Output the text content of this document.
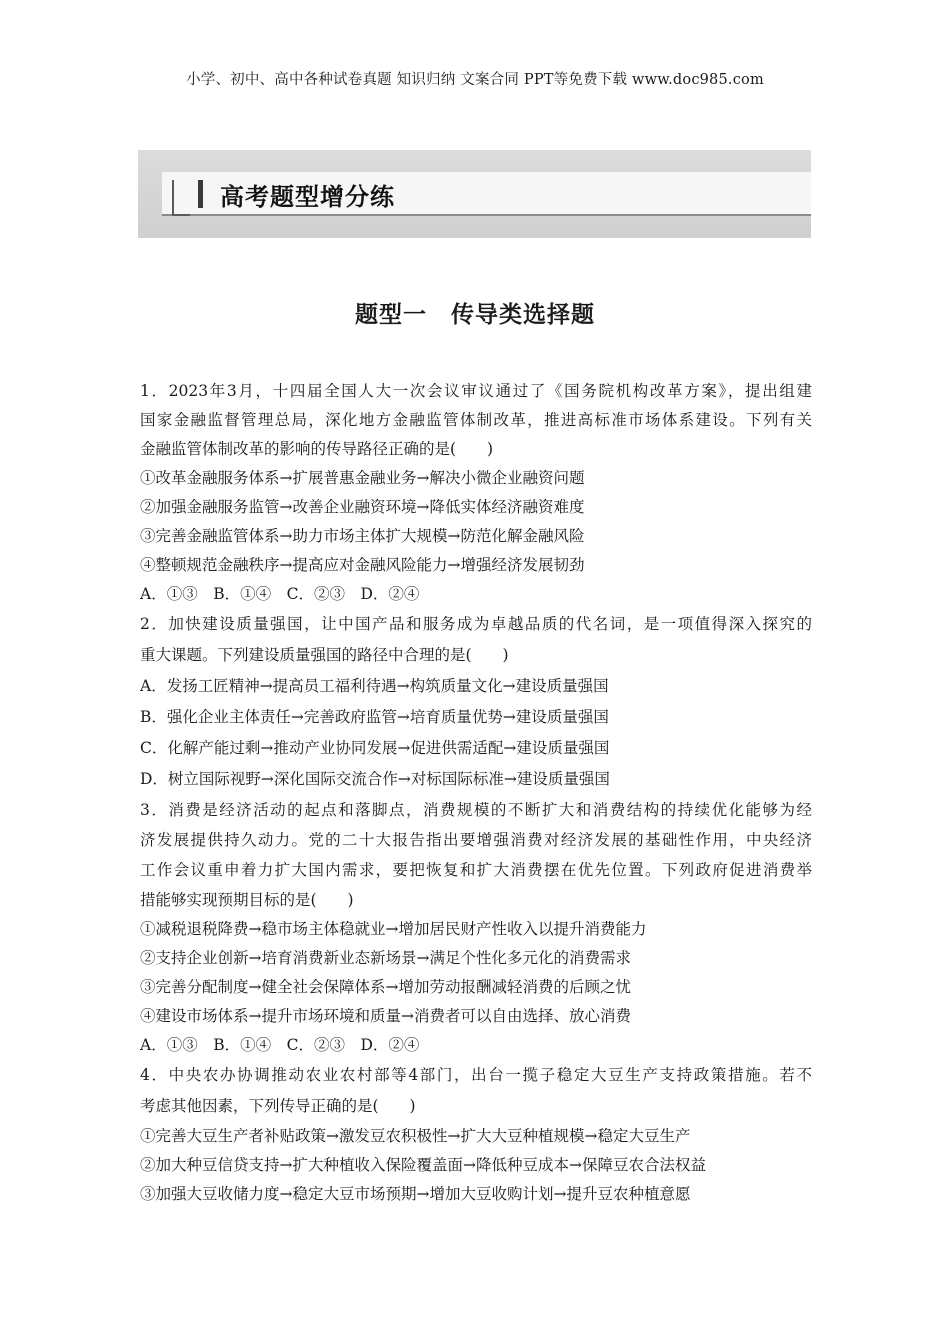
小学、初中、高中各种试卷真题 知识归纳 文案合同 PPT等免费下载 www.doc985.com
高考题型增分练
题型一　传导类选择题
1．2023年3月，十四届全国人大一次会议审议通过了《国务院机构改革方案》，提出组建
国家金融监督管理总局，深化地方金融监管体制改革，推进高标准市场体系建设。下列有关
金融监管体制改革的影响的传导路径正确的是(　　)
①改革金融服务体系→扩展普惠金融业务→解决小微企业融资问题
②加强金融服务监管→改善企业融资环境→降低实体经济融资难度
③完善金融监管体系→助力市场主体扩大规模→防范化解金融风险
④整顿规范金融秩序→提高应对金融风险能力→增强经济发展韧劲
A．①③　B．①④　C．②③　D．②④
2．加快建设质量强国，让中国产品和服务成为卓越品质的代名词，是一项值得深入探究的
重大课题。下列建设质量强国的路径中合理的是(　　)
A．发扬工匠精神→提高员工福利待遇→构筑质量文化→建设质量强国
B．强化企业主体责任→完善政府监管→培育质量优势→建设质量强国
C．化解产能过剩→推动产业协同发展→促进供需适配→建设质量强国
D．树立国际视野→深化国际交流合作→对标国际标准→建设质量强国
3．消费是经济活动的起点和落脚点，消费规模的不断扩大和消费结构的持续优化能够为经
济发展提供持久动力。党的二十大报告指出要增强消费对经济发展的基础性作用，中央经济
工作会议重申着力扩大国内需求，要把恢复和扩大消费摆在优先位置。下列政府促进消费举
措能够实现预期目标的是(　　)
①减税退税降费→稳市场主体稳就业→增加居民财产性收入以提升消费能力
②支持企业创新→培育消费新业态新场景→满足个性化多元化的消费需求
③完善分配制度→健全社会保障体系→增加劳动报酬减轻消费的后顾之忧
④建设市场体系→提升市场环境和质量→消费者可以自由选择、放心消费
A．①③　B．①④　C．②③　D．②④
4．中央农办协调推动农业农村部等4部门，出台一揽子稳定大豆生产支持政策措施。若不
考虑其他因素，下列传导正确的是(　　)
①完善大豆生产者补贴政策→激发豆农积极性→扩大大豆种植规模→稳定大豆生产
②加大种豆信贷支持→扩大种植收入保险覆盖面→降低种豆成本→保障豆农合法权益
③加强大豆收储力度→稳定大豆市场预期→增加大豆收购计划→提升豆农种植意愿
